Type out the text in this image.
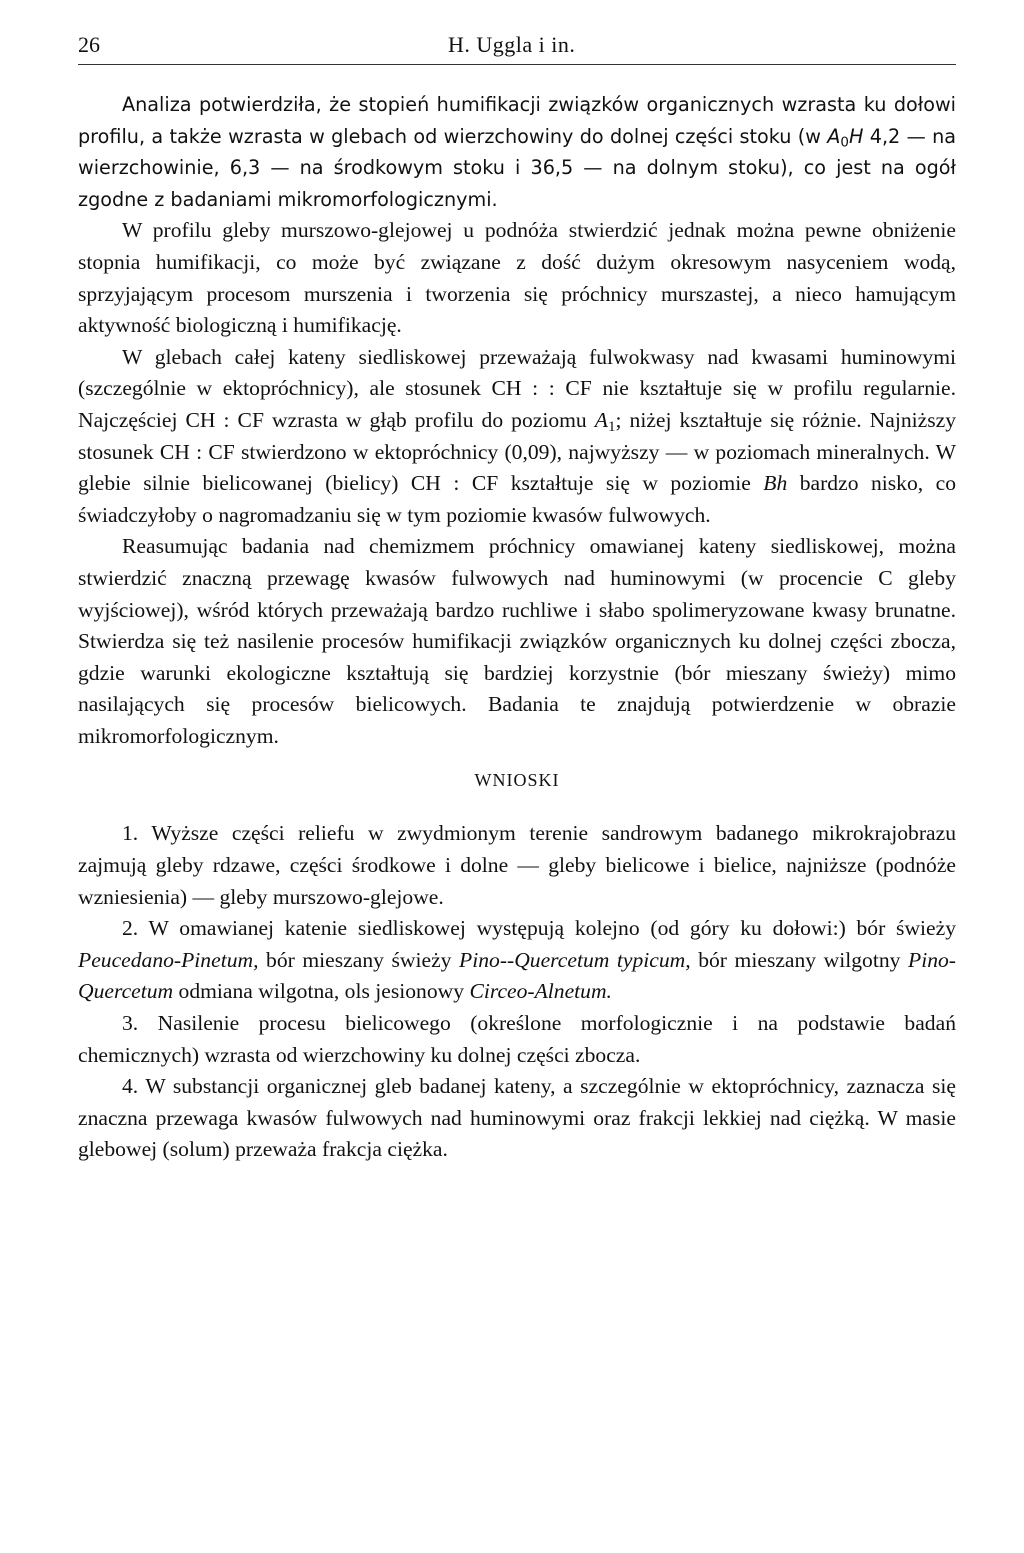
26	H. Uggla i in.

Analiza potwierdziła, że stopień humifikacji związków organicznych wzrasta ku dołowi profilu, a także wzrasta w glebach od wierzchowiny do dolnej części stoku (w $A_0H$ 4,2 — na wierzchowinie, 6,3 — na środkowym stoku i 36,5 — na dolnym stoku), co jest na ogół zgodne z badaniami mikromorfologicznymi.

W profilu gleby murszowo-glejowej u podnóża stwierdzić jednak można pewne obniżenie stopnia humifikacji, co może być związane z dość dużym okresowym nasyceniem wodą, sprzyjającym procesom murszenia i tworzenia się próchnicy murszastej, a nieco hamującym aktywność biologiczną i humifikację.

W glebach całej kateny siedliskowej przeważają fulwokwasy nad kwasami huminowymi (szczególnie w ektopróchnicy), ale stosunek CH : : CF nie kształtuje się w profilu regularnie. Najczęściej CH : CF wzrasta w głąb profilu do poziomu $A_1$; niżej kształtuje się różnie. Najniższy stosunek CH : CF stwierdzono w ektopróchnicy (0,09), najwyższy — w poziomach mineralnych. W glebie silnie bielicowanej (bielicy) CH : CF kształtuje się w poziomie Bh bardzo nisko, co świadczyłoby o nagromadzaniu się w tym poziomie kwasów fulwowych.

Reasumując badania nad chemizmem próchnicy omawianej kateny siedliskowej, można stwierdzić znaczną przewagę kwasów fulwowych nad huminowymi (w procencie C gleby wyjściowej), wśród których przeważają bardzo ruchliwe i słabo spolimeryzowane kwasy brunatne. Stwierdza się też nasilenie procesów humifikacji związków organicznych ku dolnej części zbocza, gdzie warunki ekologiczne kształtują się bardziej korzystnie (bór mieszany świeży) mimo nasilających się procesów bielicowych. Badania te znajdują potwierdzenie w obrazie mikromorfologicznym.

WNIOSKI

1. Wyższe części reliefu w zwydmionym terenie sandrowym badanego mikrokrajobrazu zajmują gleby rdzawe, części środkowe i dolne — gleby bielicowe i bielice, najniższe (podnóże wzniesienia) — gleby murszowo-glejowe.

2. W omawianej katenie siedliskowej występują kolejno (od góry ku dołowi:) bór świeży Peucedano-Pinetum, bór mieszany świeży Pino--Quercetum typicum, bór mieszany wilgotny Pino-Quercetum odmiana wilgotna, ols jesionowy Circeo-Alnetum.

3. Nasilenie procesu bielicowego (określone morfologicznie i na podstawie badań chemicznych) wzrasta od wierzchowiny ku dolnej części zbocza.

4. W substancji organicznej gleb badanej kateny, a szczególnie w ektopróchnicy, zaznacza się znaczna przewaga kwasów fulwowych nad huminowymi oraz frakcji lekkiej nad ciężką. W masie glebowej (solum) przeważa frakcja ciężka.
